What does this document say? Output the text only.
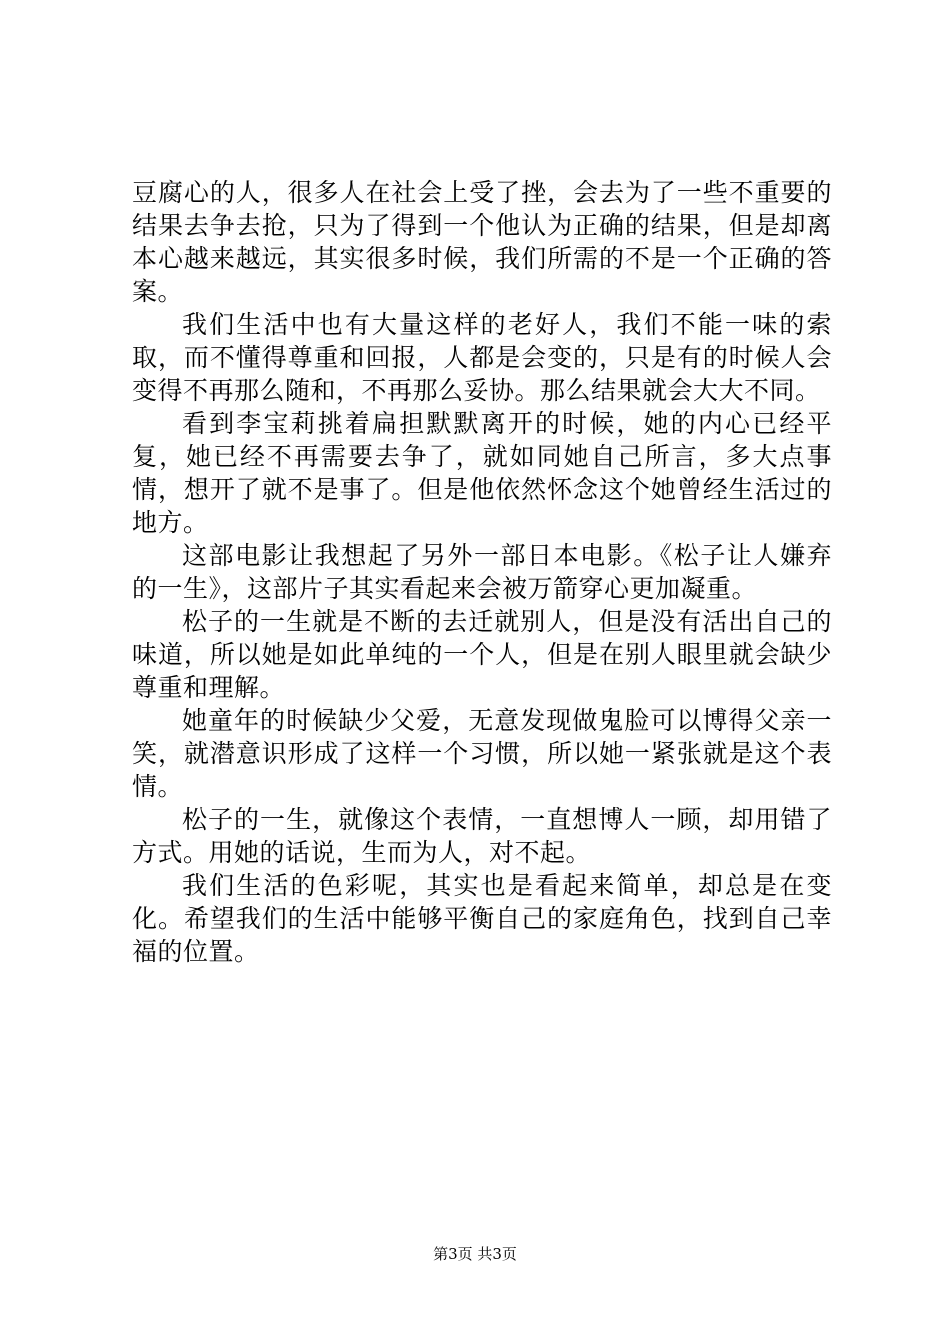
豆腐心的人，很多人在社会上受了挫，会去为了一些不重要的结果去争去抢，只为了得到一个他认为正确的结果，但是却离本心越来越远，其实很多时候，我们所需的不是一个正确的答案。

我们生活中也有大量这样的老好人，我们不能一味的索取，而不懂得尊重和回报，人都是会变的，只是有的时候人会变得不再那么随和，不再那么妥协。那么结果就会大大不同。

看到李宝莉挑着扁担默默离开的时候，她的内心已经平复，她已经不再需要去争了，就如同她自己所言，多大点事情，想开了就不是事了。但是他依然怀念这个她曾经生活过的地方。

这部电影让我想起了另外一部日本电影。《松子让人嫌弃的一生》，这部片子其实看起来会被万箭穿心更加凝重。

松子的一生就是不断的去迁就别人，但是没有活出自己的味道，所以她是如此单纯的一个人，但是在别人眼里就会缺少尊重和理解。

她童年的时候缺少父爱，无意发现做鬼脸可以博得父亲一笑，就潜意识形成了这样一个习惯，所以她一紧张就是这个表情。

松子的一生，就像这个表情，一直想博人一顾，却用错了方式。用她的话说，生而为人，对不起。

我们生活的色彩呢，其实也是看起来简单，却总是在变化。希望我们的生活中能够平衡自己的家庭角色，找到自己幸福的位置。

第3页 共3页
